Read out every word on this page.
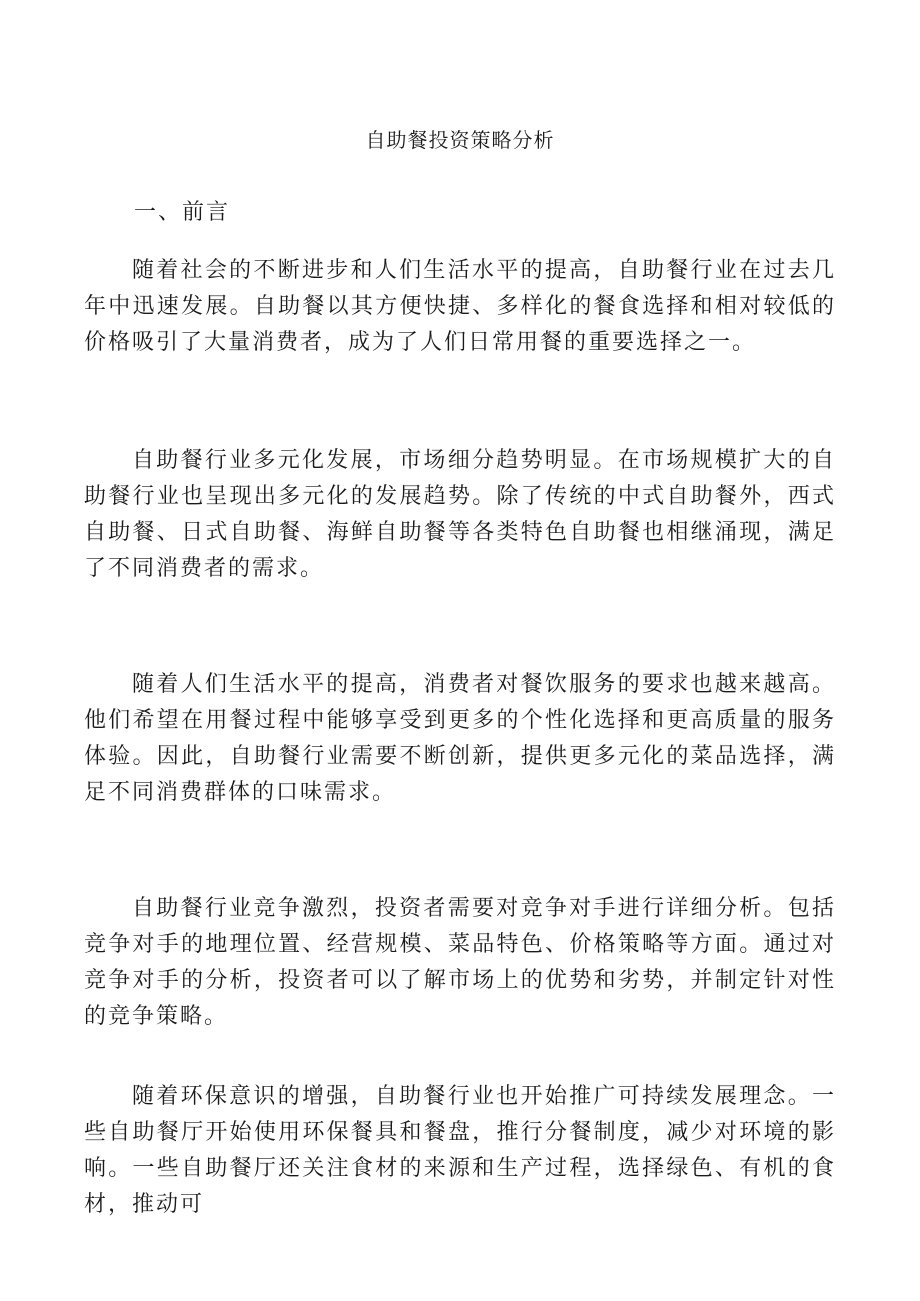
自助餐投资策略分析
一、前言

随着社会的不断进步和人们生活水平的提高，自助餐行业在过去几年中迅速发展。自助餐以其方便快捷、多样化的餐食选择和相对较低的价格吸引了大量消费者，成为了人们日常用餐的重要选择之一。

自助餐行业多元化发展，市场细分趋势明显。在市场规模扩大的自助餐行业也呈现出多元化的发展趋势。除了传统的中式自助餐外，西式自助餐、日式自助餐、海鲜自助餐等各类特色自助餐也相继涌现，满足了不同消费者的需求。

随着人们生活水平的提高，消费者对餐饮服务的要求也越来越高。他们希望在用餐过程中能够享受到更多的个性化选择和更高质量的服务体验。因此，自助餐行业需要不断创新，提供更多元化的菜品选择，满足不同消费群体的口味需求。

自助餐行业竞争激烈，投资者需要对竞争对手进行详细分析。包括竞争对手的地理位置、经营规模、菜品特色、价格策略等方面。通过对竞争对手的分析，投资者可以了解市场上的优势和劣势，并制定针对性的竞争策略。

随着环保意识的增强，自助餐行业也开始推广可持续发展理念。一些自助餐厅开始使用环保餐具和餐盘，推行分餐制度，减少对环境的影响。一些自助餐厅还关注食材的来源和生产过程，选择绿色、有机的食材，推动可
